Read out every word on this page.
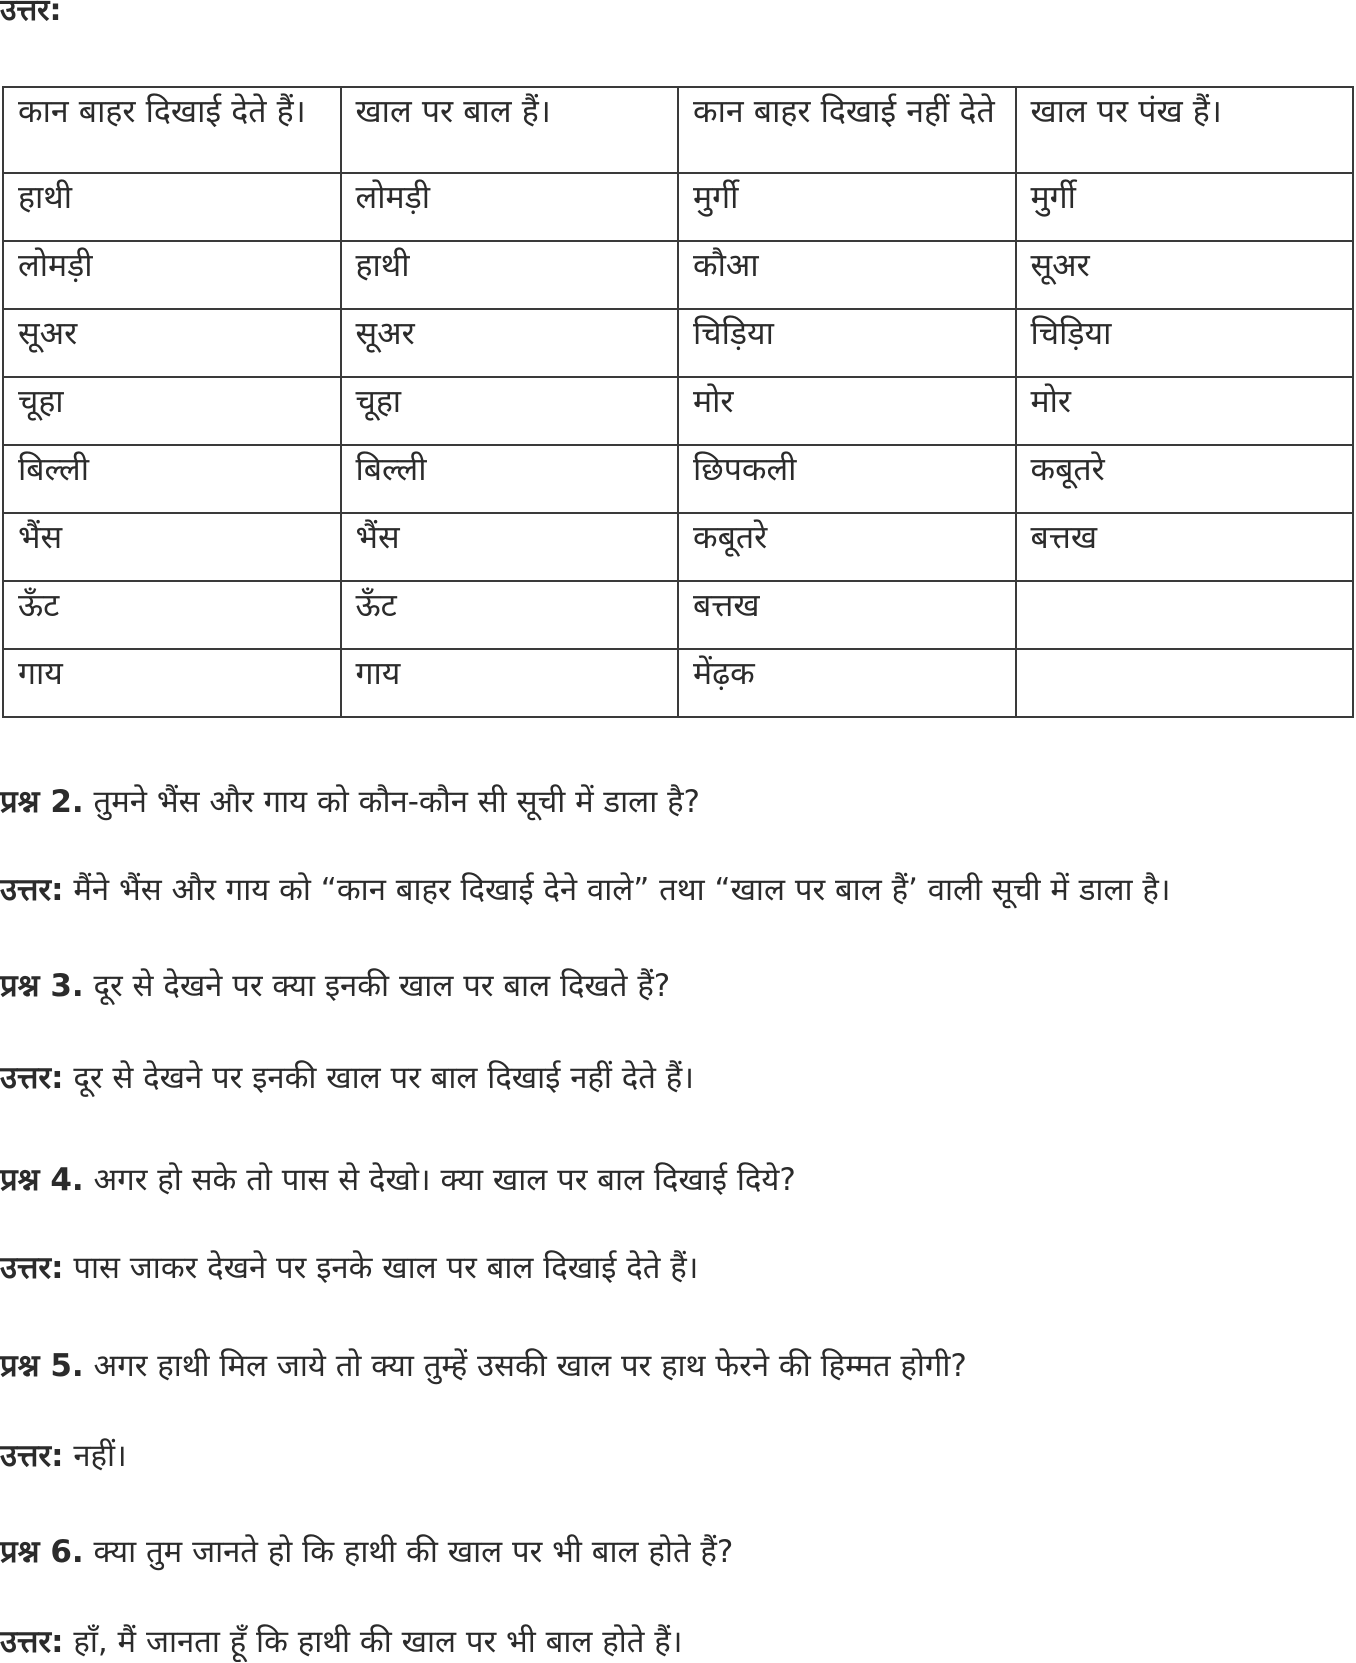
उत्तर:
कान बाहर दिखाई देते हैं।	खाल पर बाल हैं।	कान बाहर दिखाई नहीं देते	खाल पर पंख हैं।
हाथी	लोमड़ी	मुर्गी	मुर्गी
लोमड़ी	हाथी	कौआ	सूअर
सूअर	सूअर	चिड़िया	चिड़िया
चूहा	चूहा	मोर	मोर
बिल्ली	बिल्ली	छिपकली	कबूतरे
भैंस	भैंस	कबूतरे	बत्तख
ऊँट	ऊँट	बत्तख	
गाय	गाय	मेंढ़क	
प्रश्न 2. तुमने भैंस और गाय को कौन-कौन सी सूची में डाला है?
उत्तर: मैंने भैंस और गाय को “कान बाहर दिखाई देने वाले” तथा “खाल पर बाल हैं’ वाली सूची में डाला है।
प्रश्न 3. दूर से देखने पर क्या इनकी खाल पर बाल दिखते हैं?
उत्तर: दूर से देखने पर इनकी खाल पर बाल दिखाई नहीं देते हैं।
प्रश्न 4. अगर हो सके तो पास से देखो। क्या खाल पर बाल दिखाई दिये?
उत्तर: पास जाकर देखने पर इनके खाल पर बाल दिखाई देते हैं।
प्रश्न 5. अगर हाथी मिल जाये तो क्या तुम्हें उसकी खाल पर हाथ फेरने की हिम्मत होगी?
उत्तर: नहीं।
प्रश्न 6. क्या तुम जानते हो कि हाथी की खाल पर भी बाल होते हैं?
उत्तर: हाँ, मैं जानता हूँ कि हाथी की खाल पर भी बाल होते हैं।
